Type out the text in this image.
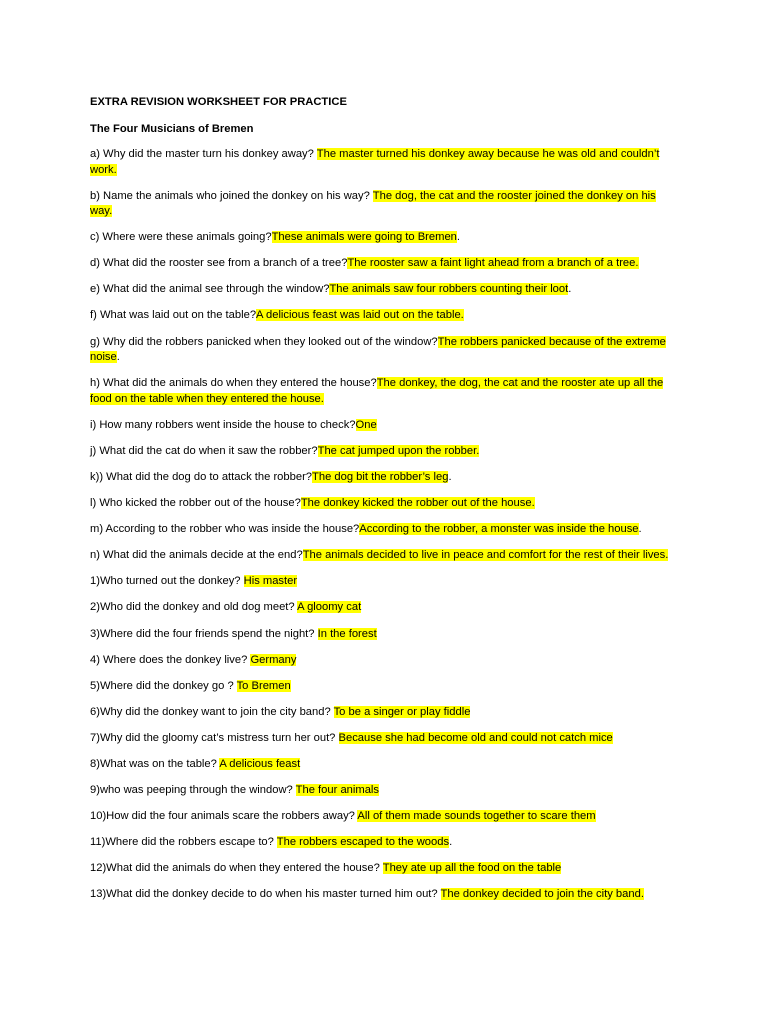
EXTRA REVISION WORKSHEET FOR PRACTICE
The Four Musicians of Bremen
a) Why did the master turn his donkey away? The master turned his donkey away because he was old and couldn’t work.
b) Name the animals who joined the donkey on his way? The dog, the cat and the rooster joined the donkey on his way.
c) Where were these animals going?These animals were going to Bremen.
d) What did the rooster see from a branch of a tree?The rooster saw a faint light ahead from a branch of a tree.
e) What did the animal see through the window?The animals saw four robbers counting their loot.
f) What was laid out on the table?A delicious feast was laid out on the table.
g) Why did the robbers panicked when they looked out of the window?The robbers panicked because of the extreme noise.
h) What did the animals do when they entered the house?The donkey, the dog, the cat and the rooster ate up all the food on the table when they entered the house.
i) How many robbers went inside the house to check?One
j) What did the cat do when it saw the robber?The cat jumped upon the robber.
k)) What did the dog do to attack the robber?The dog bit the robber’s leg.
l) Who kicked the robber out of the house?The donkey kicked the robber out of the house.
m) According to the robber who was inside the house?According to the robber, a monster was inside the house.
n) What did the animals decide at the end?The animals decided to live in peace and comfort for the rest of their lives.
1)Who turned out the donkey? His master
2)Who did the donkey and old dog meet? A gloomy cat
3)Where did the four friends spend the night? In the forest
4) Where does the donkey live? Germany
5)Where did the donkey go ? To Bremen
6)Why did the donkey want to join the city band? To be a singer or play fiddle
7)Why did the gloomy cat’s mistress turn her out? Because she had become old and could not catch mice
8)What was on the table? A delicious feast
9)who was peeping through the window? The four animals
10)How did the four animals scare the robbers away? All of them made sounds together to scare them
11)Where did the robbers escape to? The robbers escaped to the woods.
12)What did the animals do when they entered the house? They ate up all the food on the table
13)What did the donkey decide to do when his master turned him out? The donkey decided to join the city band.
